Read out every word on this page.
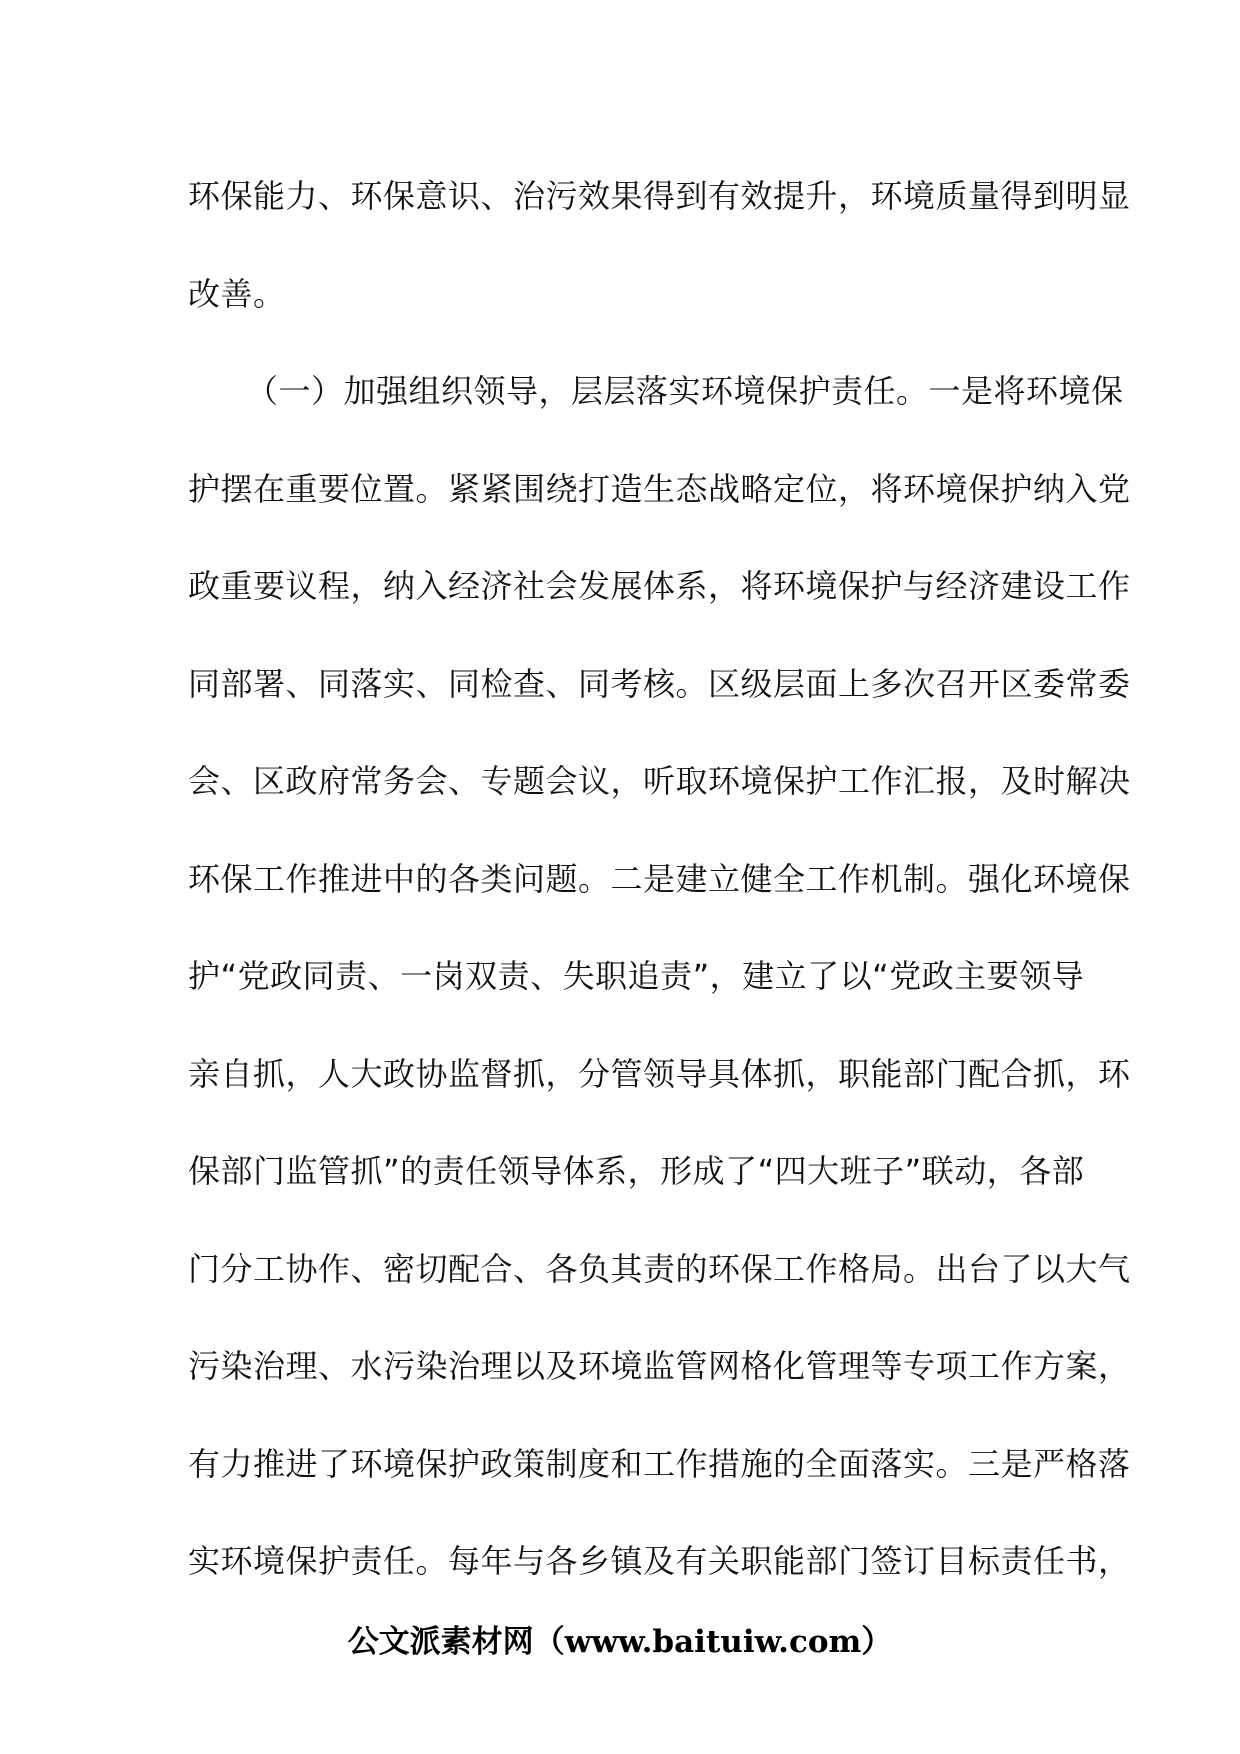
环保能力、环保意识、治污效果得到有效提升，环境质量得到明显
改善。
（一）加强组织领导，层层落实环境保护责任。一是将环境保
护摆在重要位置。紧紧围绕打造生态战略定位，将环境保护纳入党
政重要议程，纳入经济社会发展体系，将环境保护与经济建设工作
同部署、同落实、同检查、同考核。区级层面上多次召开区委常委
会、区政府常务会、专题会议，听取环境保护工作汇报，及时解决
环保工作推进中的各类问题。二是建立健全工作机制。强化环境保
护“党政同责、一岗双责、失职追责”，建立了以“党政主要领导
亲自抓，人大政协监督抓，分管领导具体抓，职能部门配合抓，环
保部门监管抓”的责任领导体系，形成了“四大班子”联动，各部
门分工协作、密切配合、各负其责的环保工作格局。出台了以大气
污染治理、水污染治理以及环境监管网格化管理等专项工作方案，
有力推进了环境保护政策制度和工作措施的全面落实。三是严格落
实环境保护责任。每年与各乡镇及有关职能部门签订目标责任书，
公文派素材网（www.baituiw.com）
